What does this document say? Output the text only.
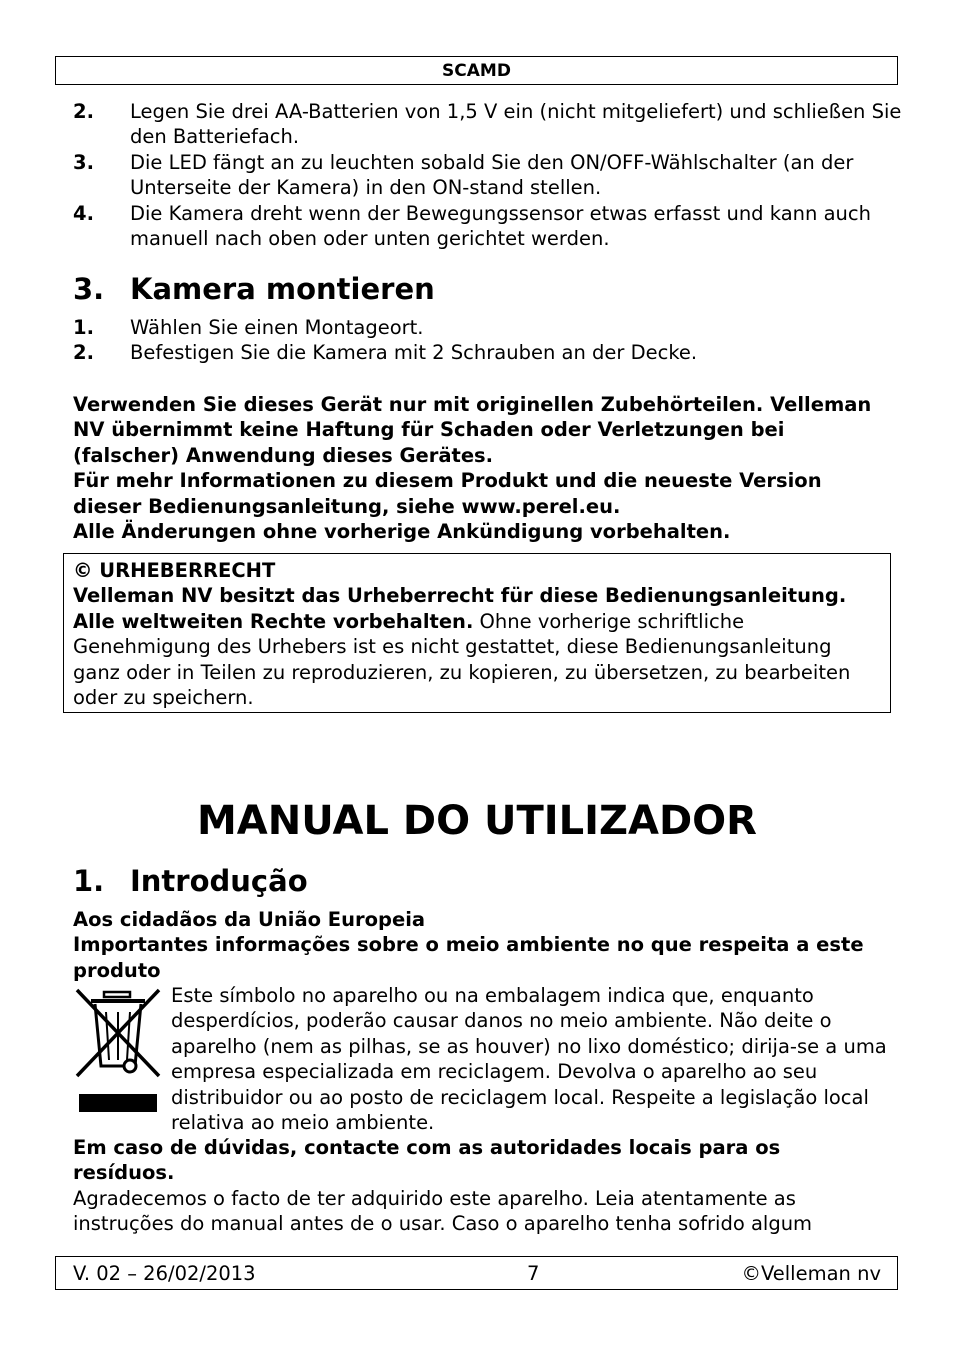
SCAMD
2. Legen Sie drei AA-Batterien von 1,5 V ein (nicht mitgeliefert) und schließen Sie den Batteriefach.
3. Die LED fängt an zu leuchten sobald Sie den ON/OFF-Wählschalter (an der Unterseite der Kamera) in den ON-stand stellen.
4. Die Kamera dreht wenn der Bewegungssensor etwas erfasst und kann auch manuell nach oben oder unten gerichtet werden.
3. Kamera montieren
1. Wählen Sie einen Montageort.
2. Befestigen Sie die Kamera mit 2 Schrauben an der Decke.
Verwenden Sie dieses Gerät nur mit originellen Zubehörteilen. Velleman NV übernimmt keine Haftung für Schaden oder Verletzungen bei (falscher) Anwendung dieses Gerätes.
Für mehr Informationen zu diesem Produkt und die neueste Version dieser Bedienungsanleitung, siehe www.perel.eu.
Alle Änderungen ohne vorherige Ankündigung vorbehalten.
© URHEBERRECHT
Velleman NV besitzt das Urheberrecht für diese Bedienungsanleitung. Alle weltweiten Rechte vorbehalten. Ohne vorherige schriftliche Genehmigung des Urhebers ist es nicht gestattet, diese Bedienungsanleitung ganz oder in Teilen zu reproduzieren, zu kopieren, zu übersetzen, zu bearbeiten oder zu speichern.
MANUAL DO UTILIZADOR
1. Introdução
Aos cidadãos da União Europeia
Importantes informações sobre o meio ambiente no que respeita a este produto
Este símbolo no aparelho ou na embalagem indica que, enquanto desperdícios, poderão causar danos no meio ambiente. Não deite o aparelho (nem as pilhas, se as houver) no lixo doméstico; dirija-se a uma empresa especializada em reciclagem. Devolva o aparelho ao seu distribuidor ou ao posto de reciclagem local. Respeite a legislação local relativa ao meio ambiente.
Em caso de dúvidas, contacte com as autoridades locais para os resíduos.
Agradecemos o facto de ter adquirido este aparelho. Leia atentamente as instruções do manual antes de o usar. Caso o aparelho tenha sofrido algum
V. 02 – 26/02/2013	7	©Velleman nv
